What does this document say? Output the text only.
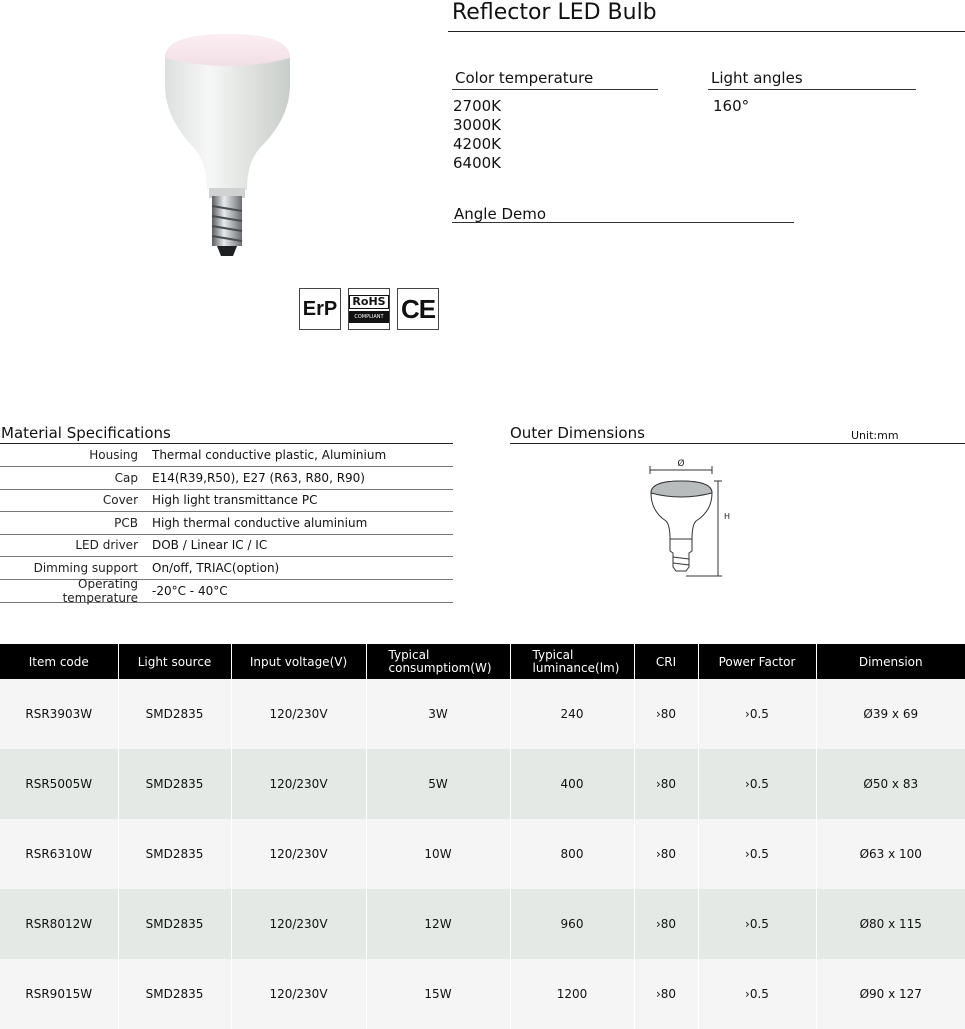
ErP RoHS
COMPLIANT CE
Reflector LED Bulb
Color temperature
2700K
3000K
4200K
6400K
Light angles
160°
Angle Demo
Material Specifications
Housing Thermal conductive plastic, Aluminium
Cap E14(R39,R50), E27 (R63, R80, R90)
Cover High light transmittance PC
PCB High thermal conductive aluminium
LED driver DOB / Linear IC / IC
Dimming support On/off, TRIAC(option)
Operating temperature -20°C - 40°C
Outer Dimensions	Unit:mm
Ø
H
Item code	Light source	Input voltage(V)	Typical consumptiom(W)	Typical luminance(lm)	CRI	Power Factor	Dimension
RSR3903W	SMD2835	120/230V	3W	240	›80	›0.5	Ø39 x 69
RSR5005W	SMD2835	120/230V	5W	400	›80	›0.5	Ø50 x 83
RSR6310W	SMD2835	120/230V	10W	800	›80	›0.5	Ø63 x 100
RSR8012W	SMD2835	120/230V	12W	960	›80	›0.5	Ø80 x 115
RSR9015W	SMD2835	120/230V	15W	1200	›80	›0.5	Ø90 x 127
